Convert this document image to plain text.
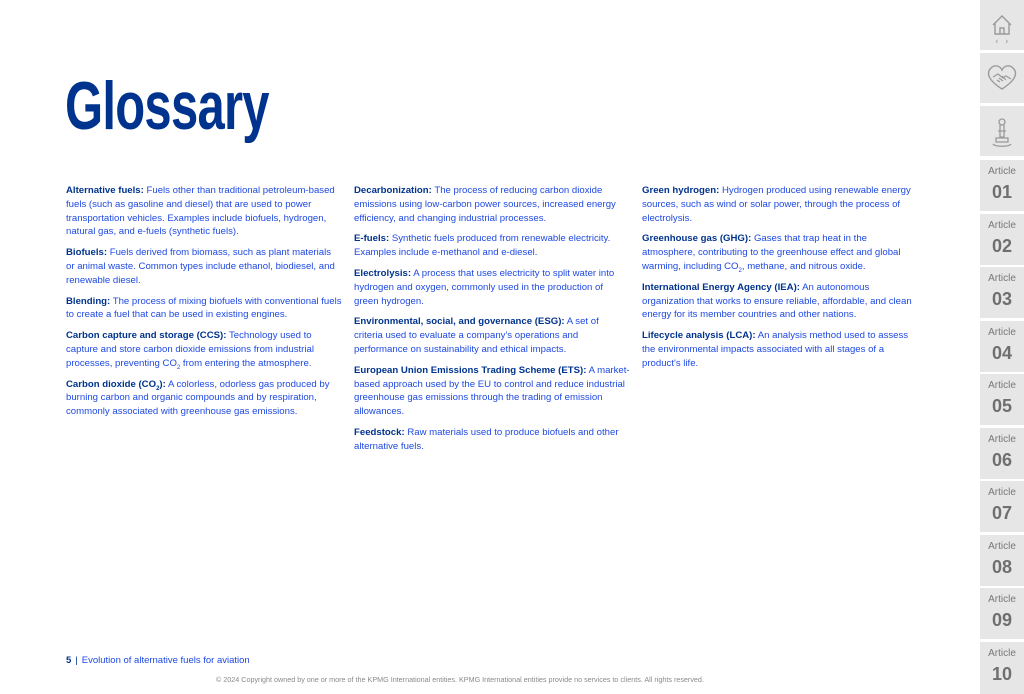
Glossary

Alternative fuels: Fuels other than traditional petroleum-based fuels (such as gasoline and diesel) that are used to power transportation vehicles. Examples include biofuels, hydrogen, natural gas, and e-fuels (synthetic fuels).

Biofuels: Fuels derived from biomass, such as plant materials or animal waste. Common types include ethanol, biodiesel, and renewable diesel.

Blending: The process of mixing biofuels with conventional fuels to create a fuel that can be used in existing engines.

Carbon capture and storage (CCS): Technology used to capture and store carbon dioxide emissions from industrial processes, preventing $CO_2$ from entering the atmosphere.

Carbon dioxide $(CO_2)$: A colorless, odorless gas produced by burning carbon and organic compounds and by respiration, commonly associated with greenhouse gas emissions.

Decarbonization: The process of reducing carbon dioxide emissions using low-carbon power sources, increased energy efficiency, and changing industrial processes.

E-fuels: Synthetic fuels produced from renewable electricity. Examples include e-methanol and e-diesel.

Electrolysis: A process that uses electricity to split water into hydrogen and oxygen, commonly used in the production of green hydrogen.

Environmental, social, and governance (ESG): A set of criteria used to evaluate a company's operations and performance on sustainability and ethical impacts.

European Union Emissions Trading Scheme (ETS): A market-based approach used by the EU to control and reduce industrial greenhouse gas emissions through the trading of emission allowances.

Feedstock: Raw materials used to produce biofuels and other alternative fuels.

Green hydrogen: Hydrogen produced using renewable energy sources, such as wind or solar power, through the process of electrolysis.

Greenhouse gas (GHG): Gases that trap heat in the atmosphere, contributing to the greenhouse effect and global warming, including $CO_2$, methane, and nitrous oxide.

International Energy Agency (IEA): An autonomous organization that works to ensure reliable, affordable, and clean energy for its member countries and other nations.

Lifecycle analysis (LCA): An analysis method used to assess the environmental impacts associated with all stages of a product's life.

5 | Evolution of alternative fuels for aviation
© 2024 Copyright owned by one or more of the KPMG International entities. KPMG International entities provide no services to clients. All rights reserved.
‹ ›
Article
01
Article
02
Article
03
Article
04
Article
05
Article
06
Article
07
Article
08
Article
09
Article
10
